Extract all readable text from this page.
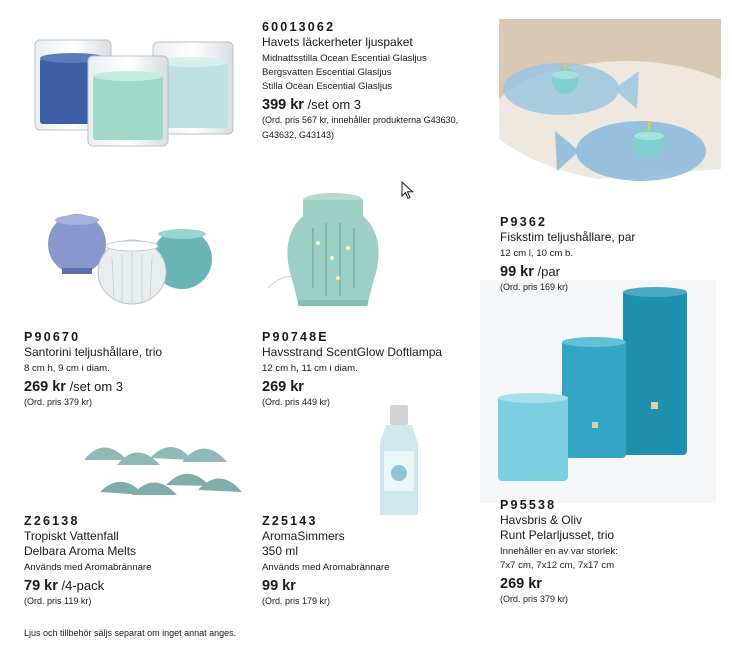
60013062
Havets läckerheter ljuspaket
Midnattsstilla Ocean Escential Glasljus
Bergsvatten Escential Glasljus
Stilla Ocean Escential Glasljus
399 kr /set om 3
(Ord. pris 567 kr, innehåller produkterna G43630,
G43632, G43143)
P9362
Fiskstim teljushållare, par
12 cm l, 10 cm b.
99 kr /par
(Ord. pris 169 kr)
P90670
Santorini teljushållare, trio
8 cm h, 9 cm i diam.
269 kr /set om 3
(Ord. pris 379 kr)
P90748E
Havsstrand ScentGlow Doftlampa
12 cm h, 11 cm i diam.
269 kr
(Ord. pris 449 kr)
Z26138
Tropiskt Vattenfall
Delbara Aroma Melts
Används med Aromabrännare
79 kr /4-pack
(Ord. pris 119 kr)
Z25143
AromaSimmers
350 ml
Används med Aromabrännare
99 kr
(Ord. pris 179 kr)
P95538
Havsbris & Oliv
Runt Pelarljusset, trio
Innehåller en av var storlek:
7x7 cm, 7x12 cm, 7x17 cm
269 kr
(Ord. pris 379 kr)
Ljus och tillbehör säljs separat om inget annat anges.
